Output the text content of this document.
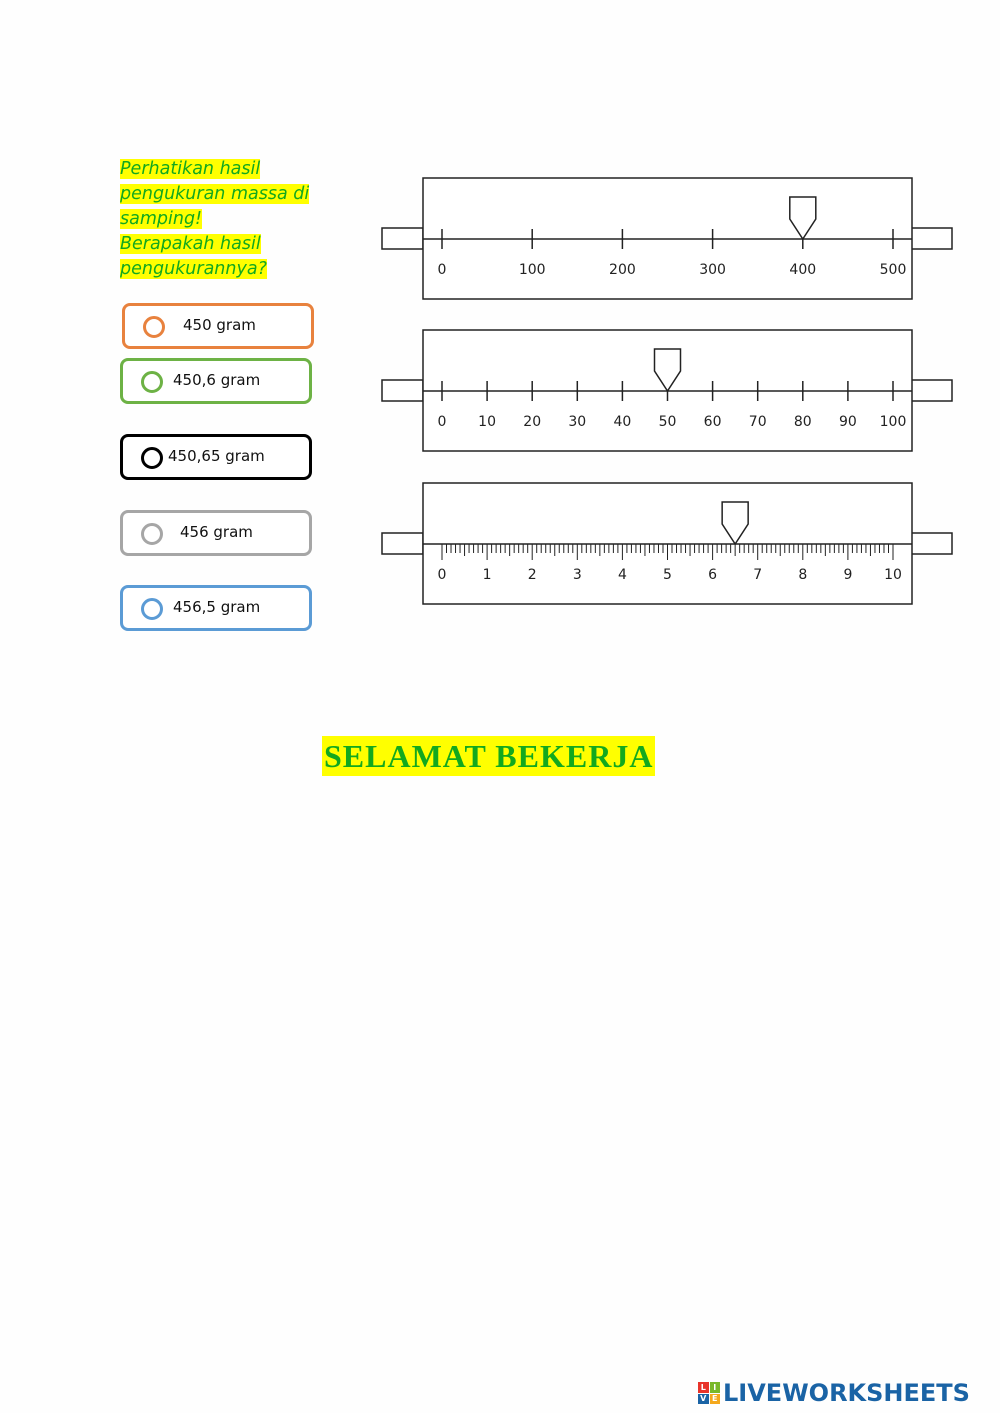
Perhatikan hasil
pengukuran massa di
samping!
Berapakah hasil
pengukurannya?
450 gram
450,6 gram
450,65 gram
456 gram
456,5 gram
0	100	200	300	400	500
0 10 20 30 40 50 60 70 80 90 100
0	1	2	3	4	5	6	7	8	9 10
SELAMAT BEKERJA
L I
V E LIVEWORKSHEETS
